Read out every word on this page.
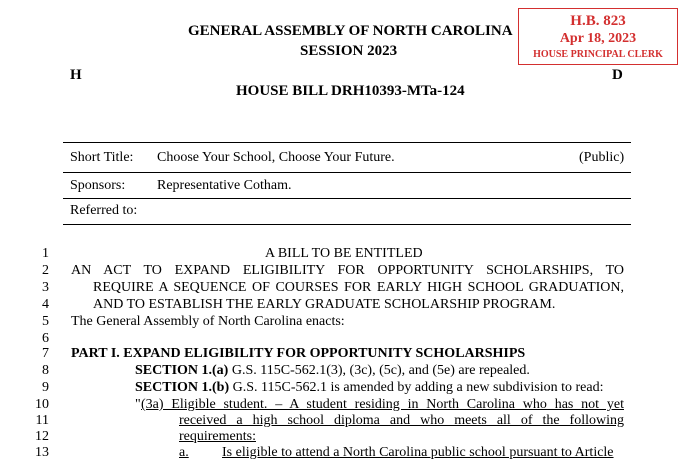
GENERAL ASSEMBLY OF NORTH CAROLINA
SESSION 2023
H	D
HOUSE BILL DRH10393-MTa-124
H.B. 823
Apr 18, 2023
HOUSE PRINCIPAL CLERK
Short Title: Choose Your School, Choose Your Future.	(Public)
Sponsors: Representative Cotham.
Referred to:
1	A BILL TO BE ENTITLED
2 AN ACT TO EXPAND ELIGIBILITY FOR OPPORTUNITY SCHOLARSHIPS, TO
3	REQUIRE A SEQUENCE OF COURSES FOR EARLY HIGH SCHOOL GRADUATION,
4	AND TO ESTABLISH THE EARLY GRADUATE SCHOLARSHIP PROGRAM.
5 The General Assembly of North Carolina enacts:
6
7 PART I. EXPAND ELIGIBILITY FOR OPPORTUNITY SCHOLARSHIPS
8	SECTION 1.(a) G.S. 115C-562.1(3), (3c), (5c), and (5e) are repealed.
9	SECTION 1.(b) G.S. 115C-562.1 is amended by adding a new subdivision to read:
10	" (3a) Eligible student. – A student residing in North Carolina who has not yet
11	received a high school diploma and who meets all of the following
12	requirements:
13	a. Is eligible to attend a North Carolina public school pursuant to Article
